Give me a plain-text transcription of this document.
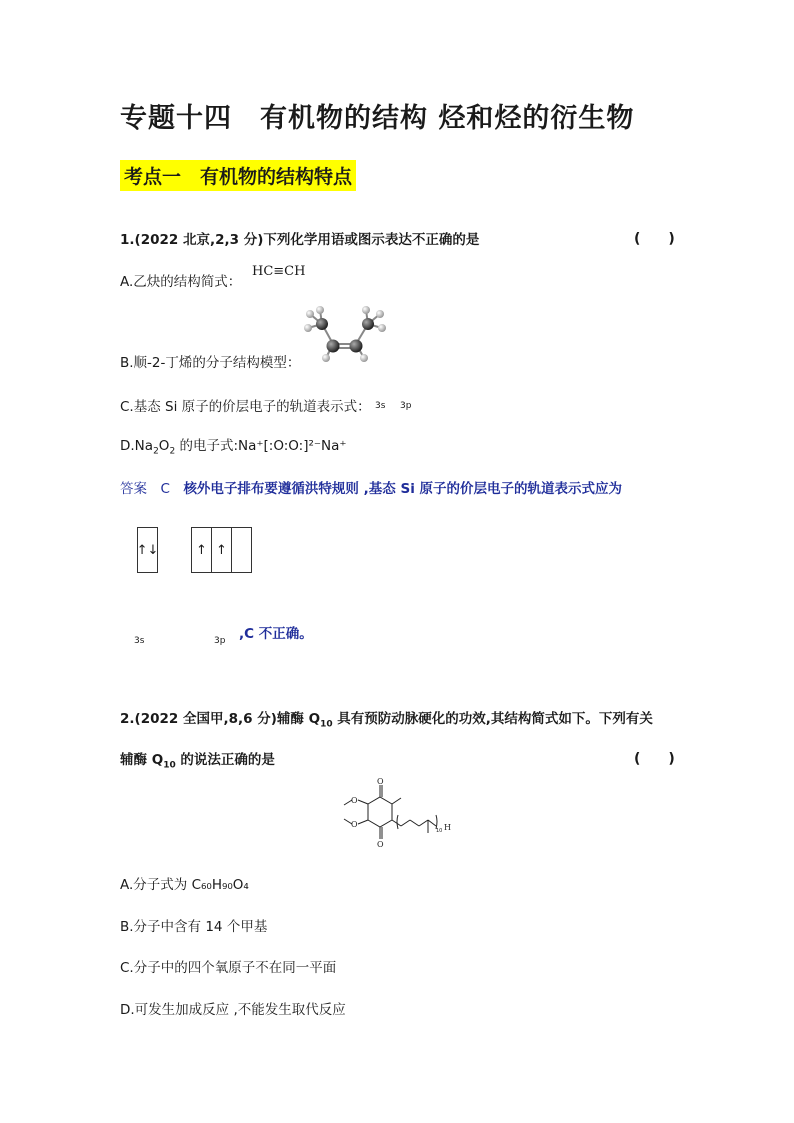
专题十四　有机物的结构 烃和烃的衍生物
考点一　有机物的结构特点
1.(2022 北京,2,3 分)下列化学用语或图示表达不正确的是	(　　)
A.乙炔的结构简式：
HC≡CH
B.顺-2-丁烯的分子结构模型：
C.基态 Si 原子的价层电子的轨道表示式： 3s 3p
$D.Na_2O_2$ 的电子式:Na⁺[:O:O:]²⁻Na⁺
答案　C　核外电子排布要遵循洪特规则 ,基态 Si 原子的价层电子的轨道表示式应为
↑↓	↑ ↑
3s	3p ,C 不正确。
2.(2022 全国甲,8,6 分)辅酶 $Q_{10}$ 具有预防动脉硬化的功效,其结构简式如下。下列有关
辅酶 $Q_{10}$ 的说法正确的是	(　　)
O
O
O
O
10 H
A.分子式为 C₆₀H₉₀O₄
B.分子中含有 14 个甲基
C.分子中的四个氧原子不在同一平面
D.可发生加成反应 ,不能发生取代反应
